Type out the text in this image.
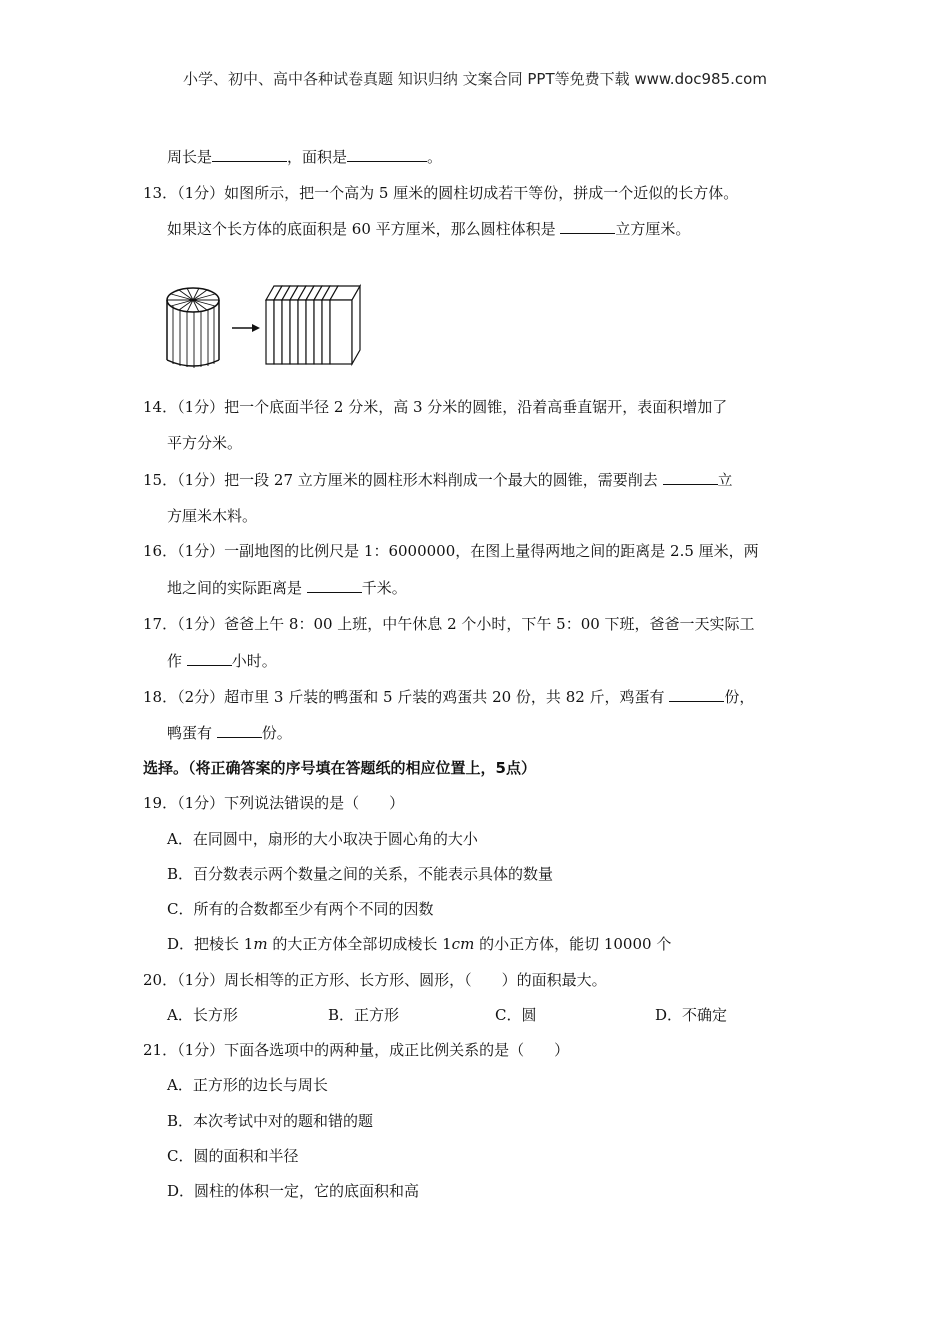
小学、初中、高中各种试卷真题 知识归纳 文案合同 PPT等免费下载 www.doc985.com
周长是	，面积是	。
13．（1分）如图所示，把一个高为 5 厘米的圆柱切成若干等份，拼成一个近似的长方体。
如果这个长方体的底面积是 60 平方厘米，那么圆柱体积是	立方厘米。
14．（1分）把一个底面半径 2 分米，高 3 分米的圆锥，沿着高垂直锯开，表面积增加了
平方分米。
15．（1分）把一段 27 立方厘米的圆柱形木料削成一个最大的圆锥，需要削去	立
方厘米木料。
16．（1分）一副地图的比例尺是 1：6000000，在图上量得两地之间的距离是 2.5 厘米，两
地之间的实际距离是	千米。
17．（1分）爸爸上午 8：00 上班，中午休息 2 个小时，下午 5：00 下班，爸爸一天实际工
作	小时。
18．（2分）超市里 3 斤装的鸭蛋和 5 斤装的鸡蛋共 20 份，共 82 斤，鸡蛋有	份，
鸭蛋有	份。
选择。（将正确答案的序号填在答题纸的相应位置上，5点）
19．（1分）下列说法错误的是（　　）
A．在同圆中，扇形的大小取决于圆心角的大小
B．百分数表示两个数量之间的关系，不能表示具体的数量
C．所有的合数都至少有两个不同的因数
D．把棱长 1m 的大正方体全部切成棱长 1cm 的小正方体，能切 10000 个
20．（1分）周长相等的正方形、长方形、圆形，（　　）的面积最大。
A．长方形	B．正方形	C．圆	D．不确定
21．（1分）下面各选项中的两种量，成正比例关系的是（　　）
A．正方形的边长与周长
B．本次考试中对的题和错的题
C．圆的面积和半径
D．圆柱的体积一定，它的底面积和高
